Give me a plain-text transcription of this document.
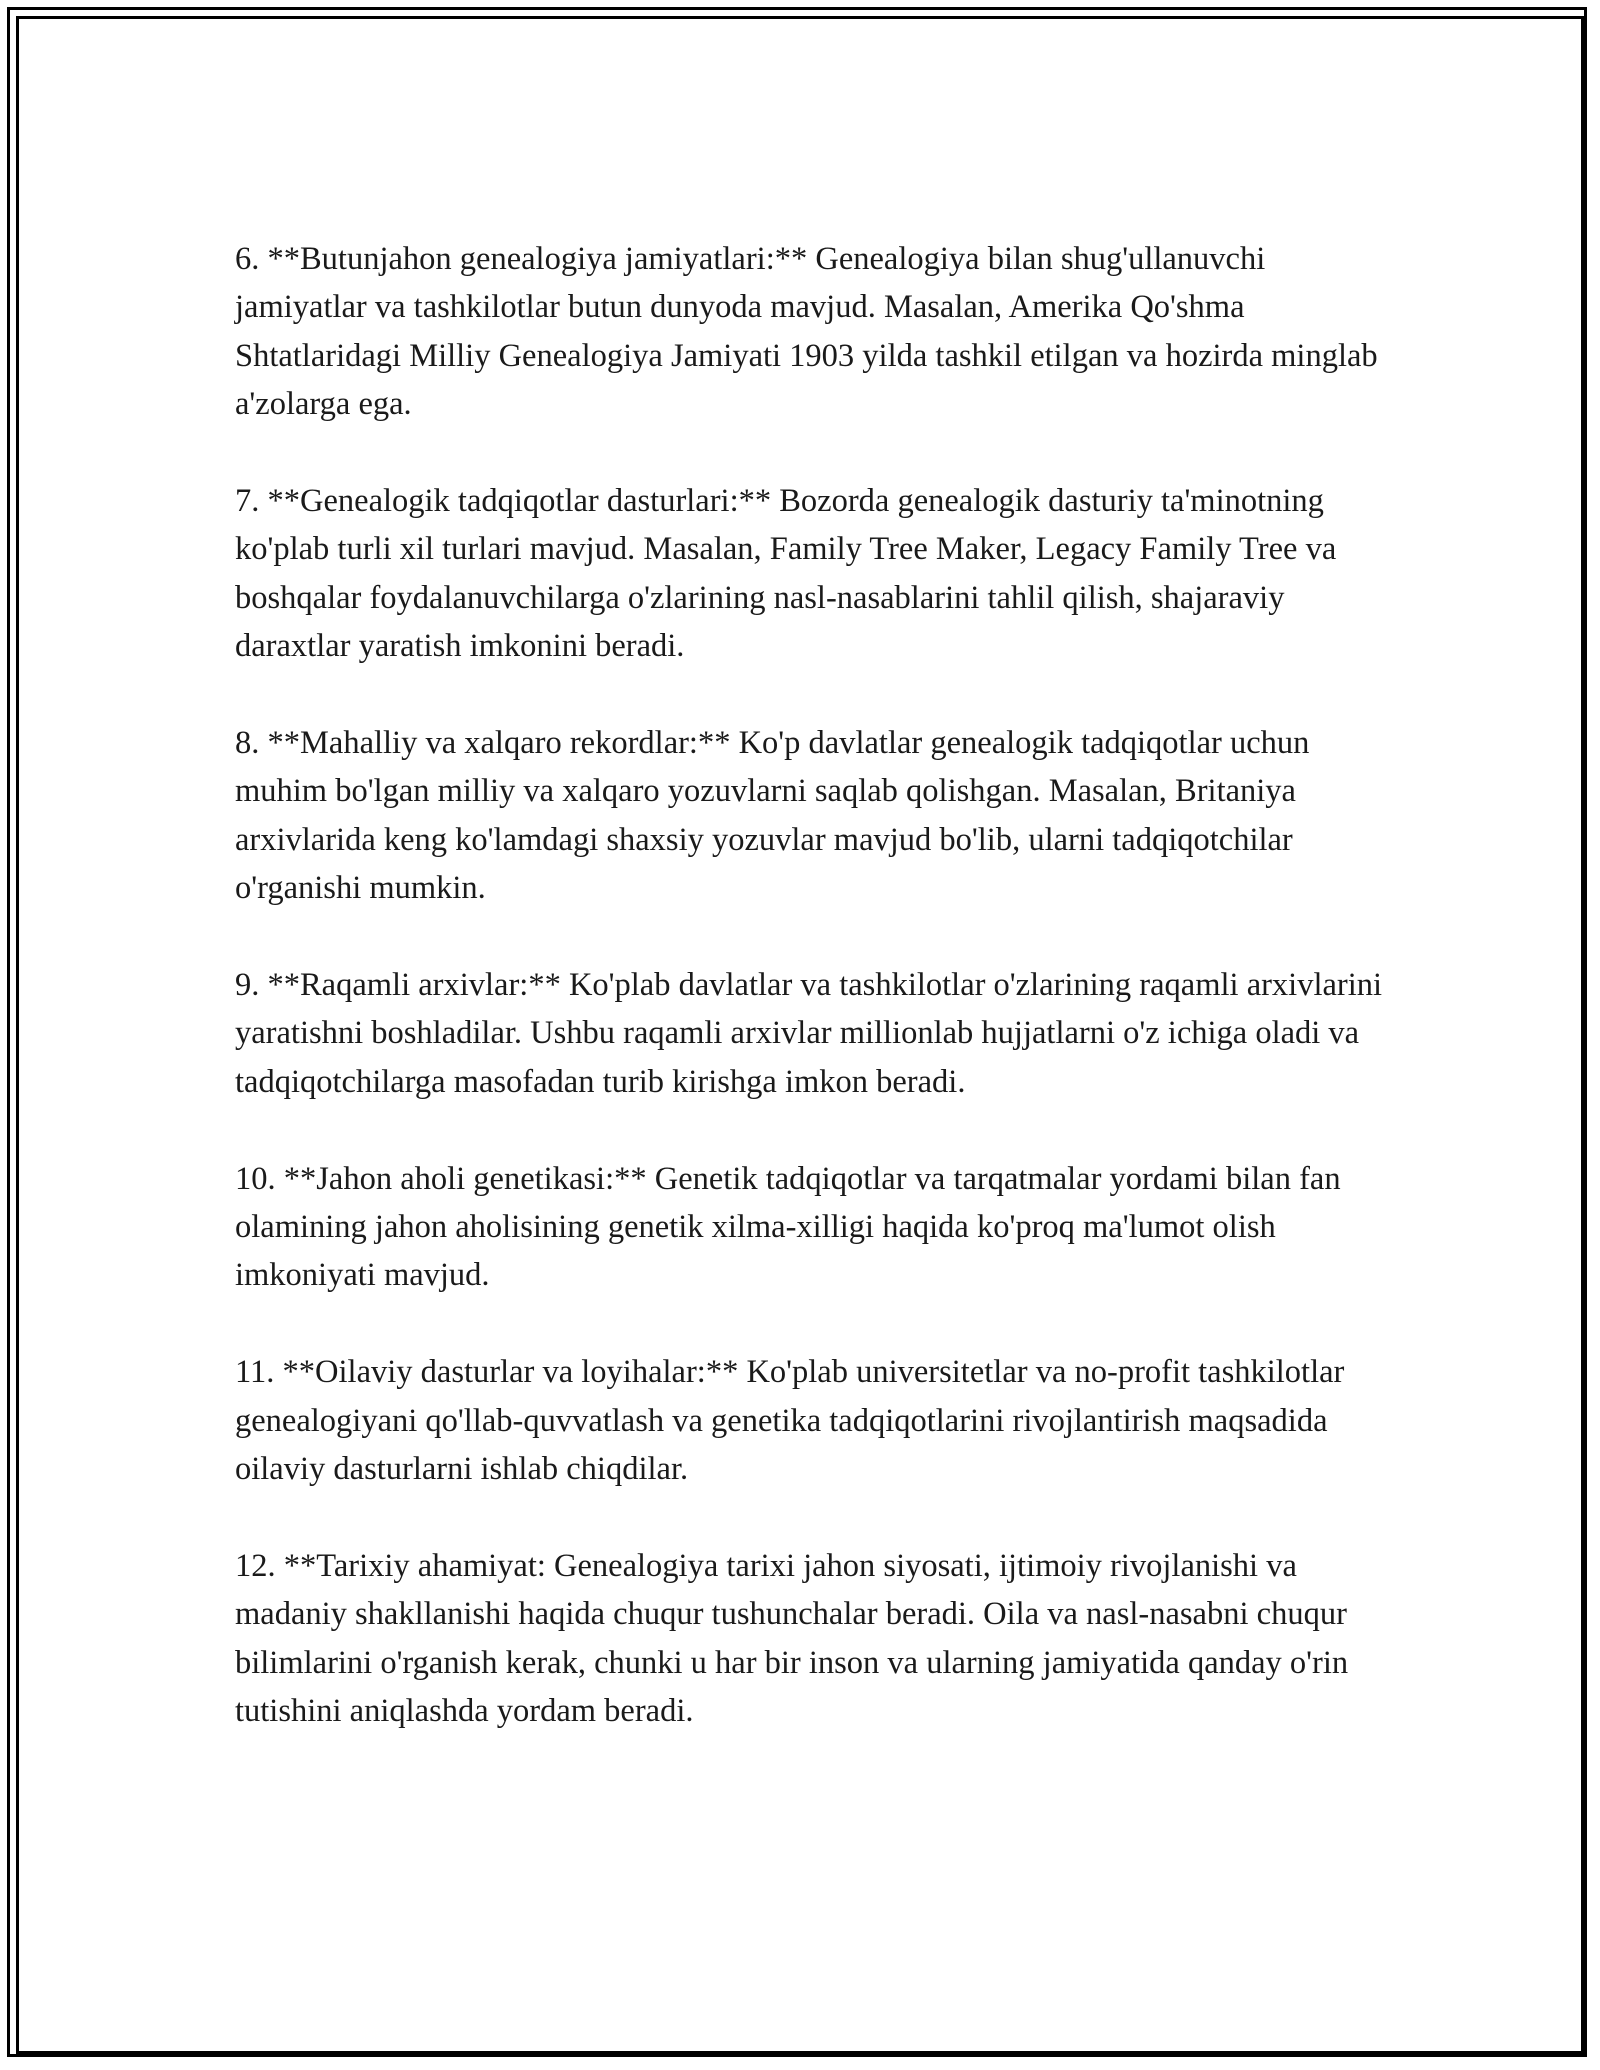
6. **Butunjahon genealogiya jamiyatlari:** Genealogiya bilan shug'ullanuvchi jamiyatlar va tashkilotlar butun dunyoda mavjud. Masalan, Amerika Qo'shma Shtatlaridagi Milliy Genealogiya Jamiyati 1903 yilda tashkil etilgan va hozirda minglab a'zolarga ega.

7. **Genealogik tadqiqotlar dasturlari:** Bozorda genealogik dasturiy ta'minotning ko'plab turli xil turlari mavjud. Masalan, Family Tree Maker, Legacy Family Tree va boshqalar foydalanuvchilarga o'zlarining nasl-nasablarini tahlil qilish, shajaraviy daraxtlar yaratish imkonini beradi.

8. **Mahalliy va xalqaro rekordlar:** Ko'p davlatlar genealogik tadqiqotlar uchun muhim bo'lgan milliy va xalqaro yozuvlarni saqlab qolishgan. Masalan, Britaniya arxivlarida keng ko'lamdagi shaxsiy yozuvlar mavjud bo'lib, ularni tadqiqotchilar o'rganishi mumkin.

9. **Raqamli arxivlar:** Ko'plab davlatlar va tashkilotlar o'zlarining raqamli arxivlarini yaratishni boshladilar. Ushbu raqamli arxivlar millionlab hujjatlarni o'z ichiga oladi va tadqiqotchilarga masofadan turib kirishga imkon beradi.

10. **Jahon aholi genetikasi:** Genetik tadqiqotlar va tarqatmalar yordami bilan fan olamining jahon aholisining genetik xilma-xilligi haqida ko'proq ma'lumot olish imkoniyati mavjud.

11. **Oilaviy dasturlar va loyihalar:** Ko'plab universitetlar va no-profit tashkilotlar genealogiyani qo'llab-quvvatlash va genetika tadqiqotlarini rivojlantirish maqsadida oilaviy dasturlarni ishlab chiqdilar.

12. **Tarixiy ahamiyat: Genealogiya tarixi jahon siyosati, ijtimoiy rivojlanishi va madaniy shakllanishi haqida chuqur tushunchalar beradi. Oila va nasl-nasabni chuqur bilimlarini o'rganish kerak, chunki u har bir inson va ularning jamiyatida qanday o'rin tutishini aniqlashda yordam beradi.
